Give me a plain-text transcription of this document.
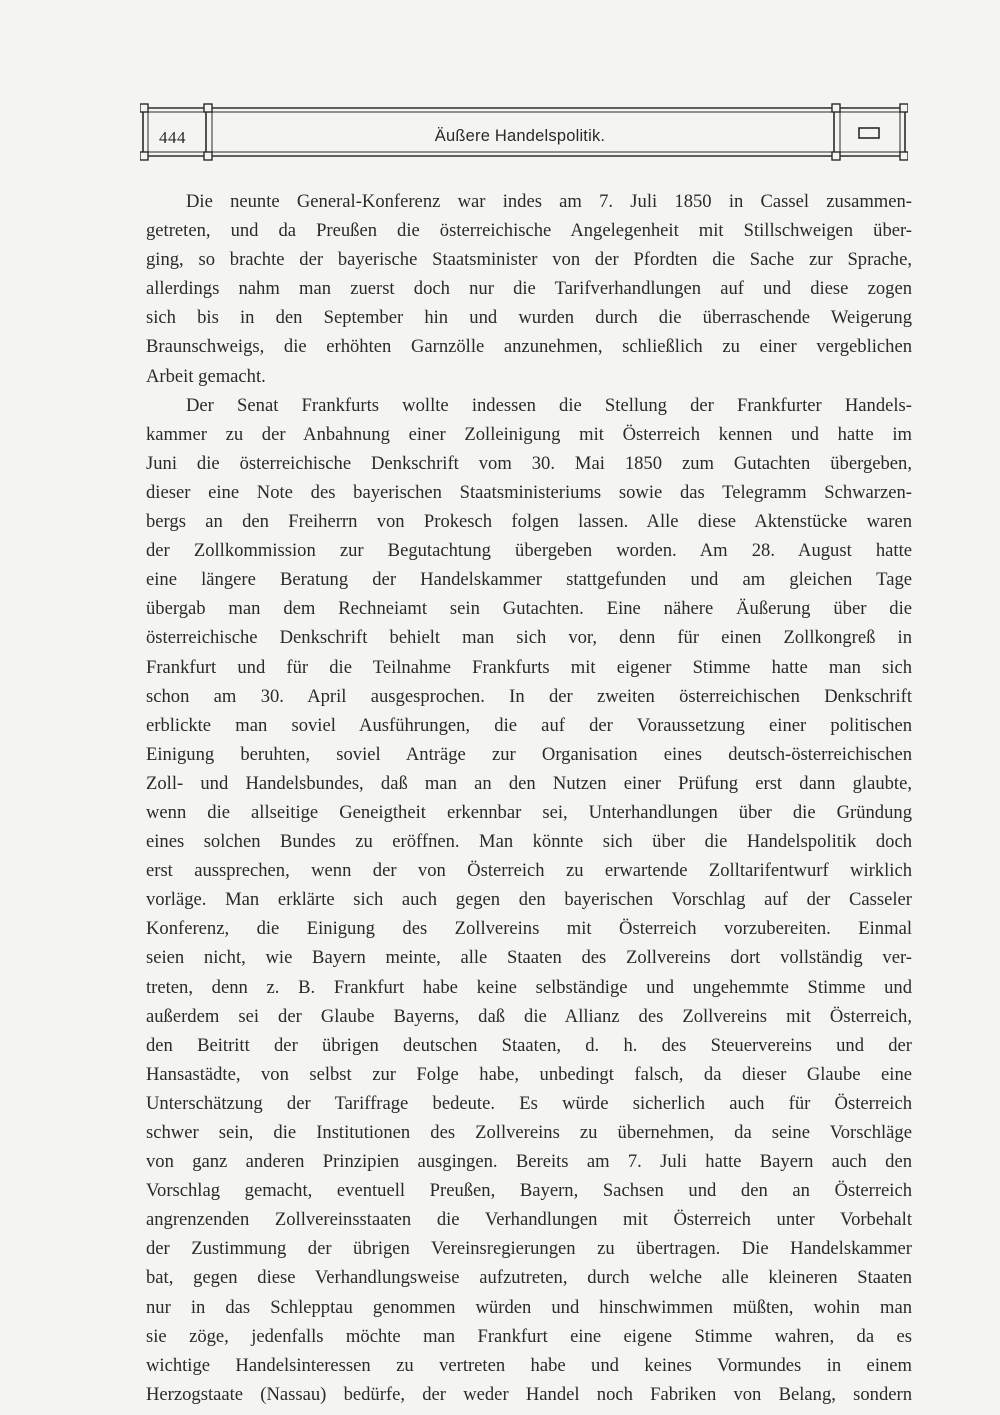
444	Äußere Handelspolitik.
Die neunte General-Konferenz war indes am 7. Juli 1850 in Cassel zusammen-
getreten, und da Preußen die österreichische Angelegenheit mit Stillschweigen über-
ging, so brachte der bayerische Staatsminister von der Pfordten die Sache zur Sprache,
allerdings nahm man zuerst doch nur die Tarifverhandlungen auf und diese zogen
sich bis in den September hin und wurden durch die überraschende Weigerung
Braunschweigs, die erhöhten Garnzölle anzunehmen, schließlich zu einer vergeblichen
Arbeit gemacht.
Der Senat Frankfurts wollte indessen die Stellung der Frankfurter Handels-
kammer zu der Anbahnung einer Zolleinigung mit Österreich kennen und hatte im
Juni die österreichische Denkschrift vom 30. Mai 1850 zum Gutachten übergeben,
dieser eine Note des bayerischen Staatsministeriums sowie das Telegramm Schwarzen-
bergs an den Freiherrn von Prokesch folgen lassen. Alle diese Aktenstücke waren
der Zollkommission zur Begutachtung übergeben worden. Am 28. August hatte
eine längere Beratung der Handelskammer stattgefunden und am gleichen Tage
übergab man dem Rechneiamt sein Gutachten. Eine nähere Äußerung über die
österreichische Denkschrift behielt man sich vor, denn für einen Zollkongreß in
Frankfurt und für die Teilnahme Frankfurts mit eigener Stimme hatte man sich
schon am 30. April ausgesprochen. In der zweiten österreichischen Denkschrift
erblickte man soviel Ausführungen, die auf der Voraussetzung einer politischen
Einigung beruhten, soviel Anträge zur Organisation eines deutsch-österreichischen
Zoll- und Handelsbundes, daß man an den Nutzen einer Prüfung erst dann glaubte,
wenn die allseitige Geneigtheit erkennbar sei, Unterhandlungen über die Gründung
eines solchen Bundes zu eröffnen. Man könnte sich über die Handelspolitik doch
erst aussprechen, wenn der von Österreich zu erwartende Zolltarifentwurf wirklich
vorläge. Man erklärte sich auch gegen den bayerischen Vorschlag auf der Casseler
Konferenz, die Einigung des Zollvereins mit Österreich vorzubereiten. Einmal
seien nicht, wie Bayern meinte, alle Staaten des Zollvereins dort vollständig ver-
treten, denn z. B. Frankfurt habe keine selbständige und ungehemmte Stimme und
außerdem sei der Glaube Bayerns, daß die Allianz des Zollvereins mit Österreich,
den Beitritt der übrigen deutschen Staaten, d. h. des Steuervereins und der
Hansastädte, von selbst zur Folge habe, unbedingt falsch, da dieser Glaube eine
Unterschätzung der Tariffrage bedeute. Es würde sicherlich auch für Österreich
schwer sein, die Institutionen des Zollvereins zu übernehmen, da seine Vorschläge
von ganz anderen Prinzipien ausgingen. Bereits am 7. Juli hatte Bayern auch den
Vorschlag gemacht, eventuell Preußen, Bayern, Sachsen und den an Österreich
angrenzenden Zollvereinsstaaten die Verhandlungen mit Österreich unter Vorbehalt
der Zustimmung der übrigen Vereinsregierungen zu übertragen. Die Handelskammer
bat, gegen diese Verhandlungsweise aufzutreten, durch welche alle kleineren Staaten
nur in das Schlepptau genommen würden und hinschwimmen müßten, wohin man
sie zöge, jedenfalls möchte man Frankfurt eine eigene Stimme wahren, da es
wichtige Handelsinteressen zu vertreten habe und keines Vormundes in einem
Herzogstaate (Nassau) bedürfe, der weder Handel noch Fabriken von Belang, sondern
